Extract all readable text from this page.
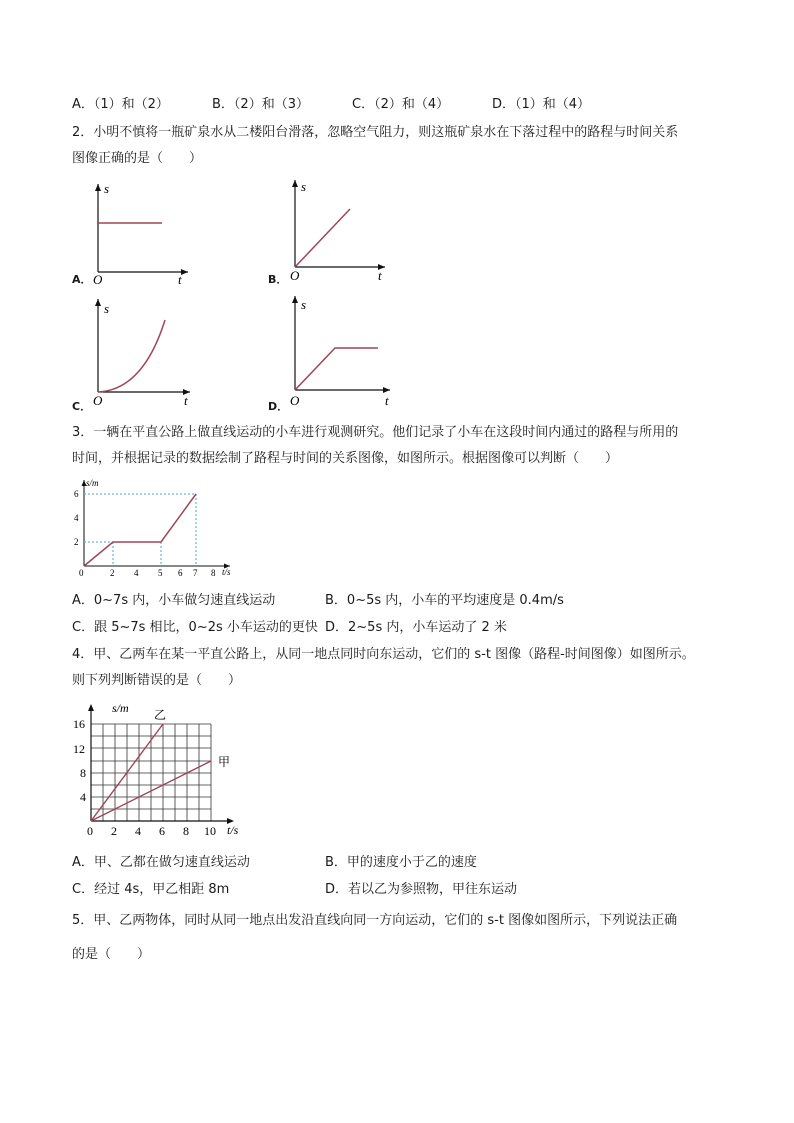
A．（1）和（2）	B．（2）和（3）	C．（2）和（4）	D．（1）和（4）
2．小明不慎将一瓶矿泉水从二楼阳台滑落，忽略空气阻力，则这瓶矿泉水在下落过程中的路程与时间关系
图像正确的是（　　）
A．
s
t
O	B．
s
t
O
C．
s
t
O	D．
s
t
O
3．一辆在平直公路上做直线运动的小车进行观测研究。他们记录了小车在这段时间内通过的路程与所用的
时间，并根据记录的数据绘制了路程与时间的关系图像，如图所示。根据图像可以判断（　　）
s/m
t/s
2
4
6
0	2 4 5 6 7 8
A．0~7s 内，小车做匀速直线运动	B．0~5s 内，小车的平均速度是 0.4m/s
C．跟 5~7s 相比，0~2s 小车运动的更快 D．2~5s 内，小车运动了 2 米
4．甲、乙两车在某一平直公路上，从同一地点同时向东运动，它们的 s-t 图像（路程-时间图像）如图所示。
则下列判断错误的是（　　）
s/m
t/s
乙
甲
16
12
8
4
0 2 4 6 8 10
A．甲、乙都在做匀速直线运动	B．甲的速度小于乙的速度
C．经过 4s，甲乙相距 8m	D．若以乙为参照物，甲往东运动
5．甲、乙两物体，同时从同一地点出发沿直线向同一方向运动，它们的 s-t 图像如图所示，下列说法正确
的是（　　）
